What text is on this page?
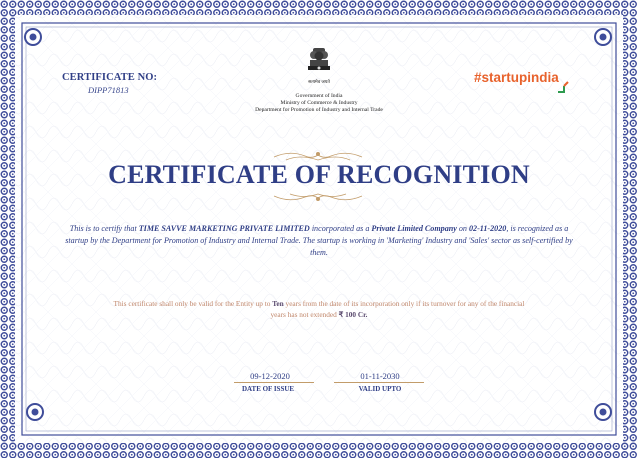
CERTIFICATE NO:
DIPP71813
सत्यमेव जयते
Government of India
Ministry of Commerce & Industry
Department for Promotion of Industry and Internal Trade
#startupindia
CERTIFICATE OF RECOGNITION
This is to certify that TIME SAVVE MARKETING PRIVATE LIMITED incorporated as a Private Limited Company on 02-11-2020, is recognized as a startup by the Department for Promotion of Industry and Internal Trade. The startup is working in 'Marketing' Industry and 'Sales' sector as self-certified by them.
This certificate shall only be valid for the Entity up to Ten years from the date of its incorporation only if its turnover for any of the financial years has not extended ₹ 100 Cr.
09-12-2020
DATE OF ISSUE
01-11-2030
VALID UPTO
